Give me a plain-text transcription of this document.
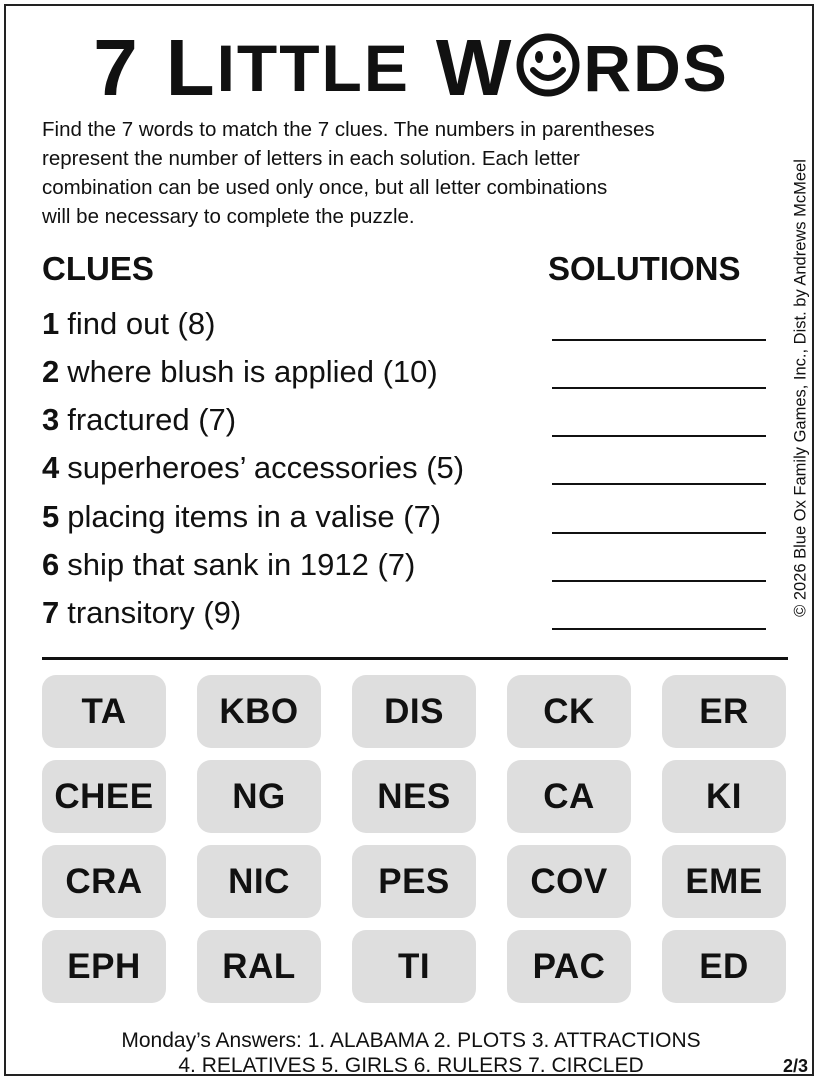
7 L ITTLE W RDS
Find the 7 words to match the 7 clues. The numbers in parentheses
represent the number of letters in each solution. Each letter
combination can be used only once, but all letter combinations
will be necessary to complete the puzzle.
CLUES	SOLUTIONS
1 find out (8)
2 where blush is applied (10)
3 fractured (7)
4 superheroes’ accessories (5)
5 placing items in a valise (7)
6 ship that sank in 1912 (7)
7 transitory (9)	© 2026 Blue Ox Family Games, Inc., Dist. by Andrews McMeel
TA	KBO	DIS	CK	ER
CHEE	NG	NES	CA	KI
CRA	NIC	PES	COV	EME
EPH	RAL	TI	PAC	ED
Monday’s Answers: 1. ALABAMA 2. PLOTS 3. ATTRACTIONS
4. RELATIVES 5. GIRLS 6. RULERS 7. CIRCLED	2/3
